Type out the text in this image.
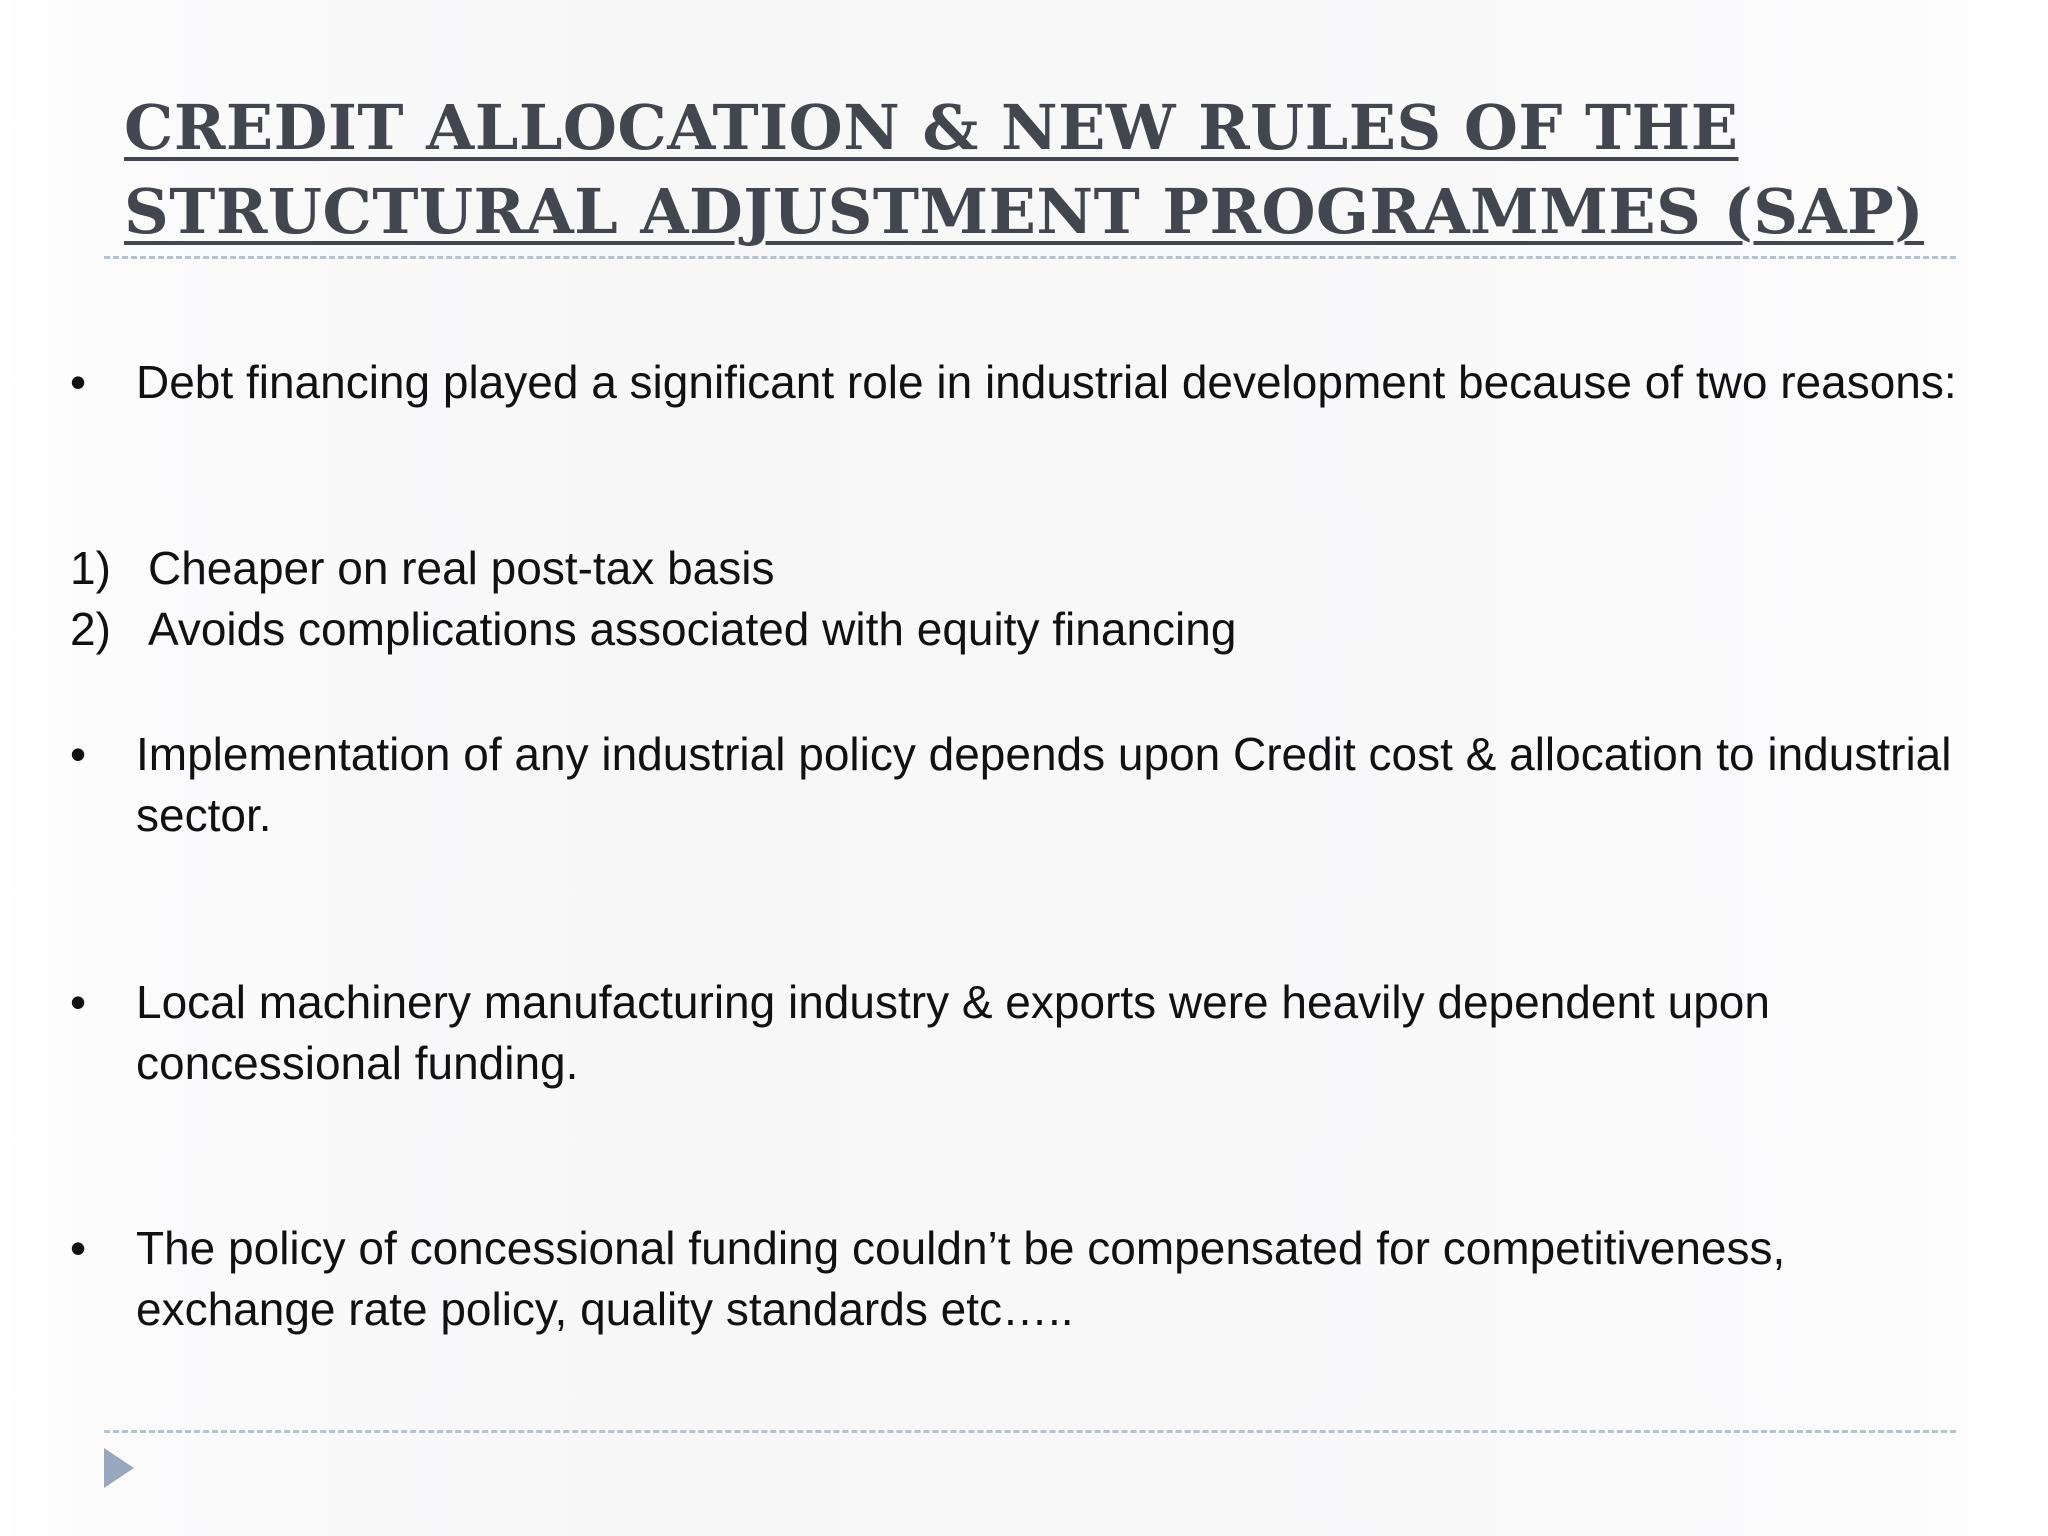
CREDIT ALLOCATION & NEW RULES OF THE
STRUCTURAL ADJUSTMENT PROGRAMMES (SAP)
•	Debt financing played a significant role in industrial development because of two reasons:
1) Cheaper on real post-tax basis
2) Avoids complications associated with equity financing
•	Implementation of any industrial policy depends upon Credit cost & allocation to industrial sector.
•	Local machinery manufacturing industry & exports were heavily dependent upon concessional funding.
•	The policy of concessional funding couldn’t be compensated for competitiveness, exchange rate policy, quality standards etc…..
